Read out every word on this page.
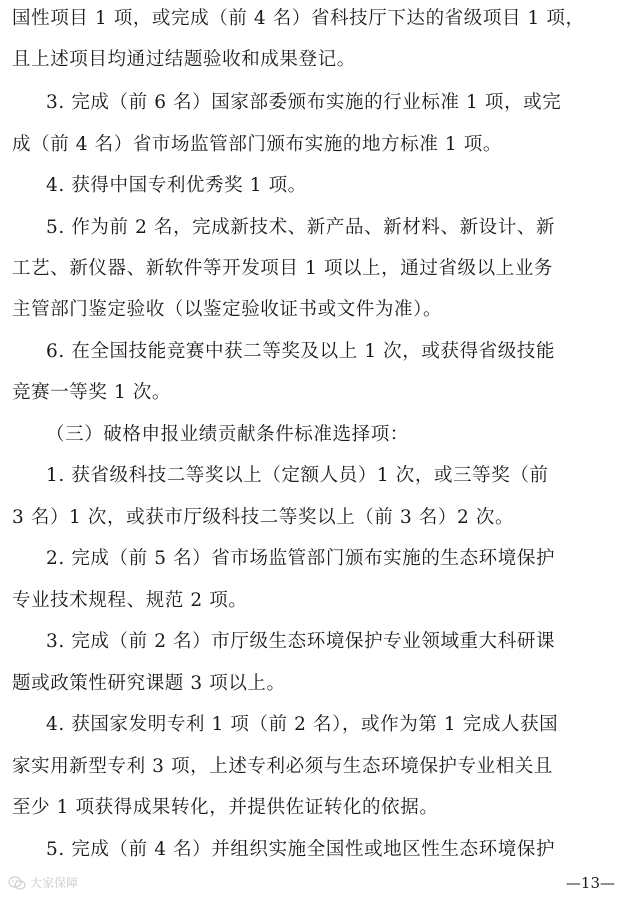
国性项目 1 项，或完成（前 4 名）省科技厅下达的省级项目 1 项，
且上述项目均通过结题验收和成果登记。
3. 完成（前 6 名）国家部委颁布实施的行业标准 1 项，或完
成（前 4 名）省市场监管部门颁布实施的地方标准 1 项。
4. 获得中国专利优秀奖 1 项。
5. 作为前 2 名，完成新技术、新产品、新材料、新设计、新
工艺、新仪器、新软件等开发项目 1 项以上，通过省级以上业务
主管部门鉴定验收（以鉴定验收证书或文件为准）。
6. 在全国技能竞赛中获二等奖及以上 1 次，或获得省级技能
竞赛一等奖 1 次。
（三）破格申报业绩贡献条件标准选择项：
1. 获省级科技二等奖以上（定额人员）1 次，或三等奖（前
3 名）1 次，或获市厅级科技二等奖以上（前 3 名）2 次。
2. 完成（前 5 名）省市场监管部门颁布实施的生态环境保护
专业技术规程、规范 2 项。
3. 完成（前 2 名）市厅级生态环境保护专业领域重大科研课
题或政策性研究课题 3 项以上。
4. 获国家发明专利 1 项（前 2 名），或作为第 1 完成人获国
家实用新型专利 3 项，上述专利必须与生态环境保护专业相关且
至少 1 项获得成果转化，并提供佐证转化的依据。
5. 完成（前 4 名）并组织实施全国性或地区性生态环境保护
大家保障	—13—
